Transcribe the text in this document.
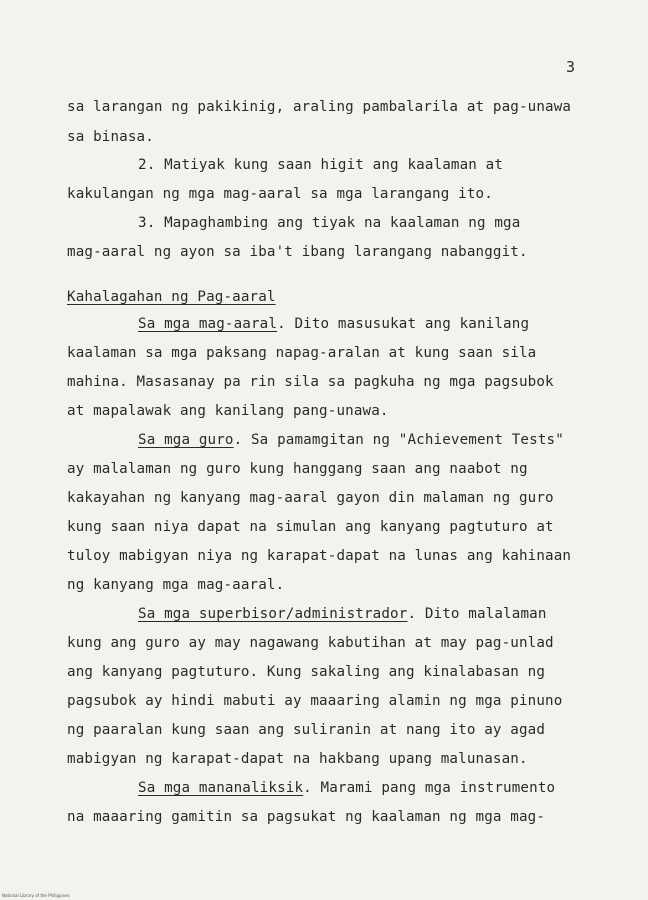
3
sa larangan ng pakikinig, araling pambalarila at pag-unawa
sa binasa.
2. Matiyak kung saan higit ang kaalaman at
kakulangan ng mga mag-aaral sa mga larangang ito.
3. Mapaghambing ang tiyak na kaalaman ng mga
mag-aaral ng ayon sa iba't ibang larangang nabanggit.
Kahalagahan ng Pag-aaral
Sa mga mag-aaral. Dito masusukat ang kanilang
kaalaman sa mga paksang napag-aralan at kung saan sila
mahina. Masasanay pa rin sila sa pagkuha ng mga pagsubok
at mapalawak ang kanilang pang-unawa.
Sa mga guro. Sa pamamgitan ng "Achievement Tests"
ay malalaman ng guro kung hanggang saan ang naabot ng
kakayahan ng kanyang mag-aaral gayon din malaman ng guro
kung saan niya dapat na simulan ang kanyang pagtuturo at
tuloy mabigyan niya ng karapat-dapat na lunas ang kahinaan
ng kanyang mga mag-aaral.
Sa mga superbisor/administrador. Dito malalaman
kung ang guro ay may nagawang kabutihan at may pag-unlad
ang kanyang pagtuturo. Kung sakaling ang kinalabasan ng
pagsubok ay hindi mabuti ay maaaring alamin ng mga pinuno
ng paaralan kung saan ang suliranin at nang ito ay agad
mabigyan ng karapat-dapat na hakbang upang malunasan.
Sa mga mananaliksik. Marami pang mga instrumento
na maaaring gamitin sa pagsukat ng kaalaman ng mga mag-
National Library of the Philippines
